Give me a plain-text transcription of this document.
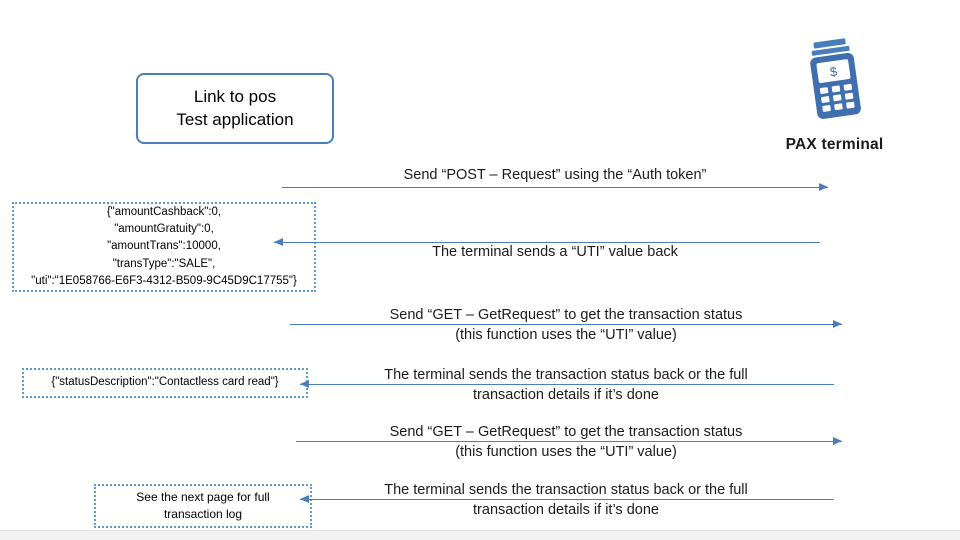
Link to pos
Test application
$
PAX terminal
Send “POST – Request” using the “Auth token”
{"amountCashback":0,
"amountGratuity":0,
"amountTrans":10000,
"transType":"SALE",
"uti":"1E058766-E6F3-4312-B509-9C45D9C17755"}
The terminal sends a “UTI” value back
Send “GET – GetRequest” to get the transaction status
(this function uses the “UTI” value)
{"statusDescription":"Contactless card read"}	The terminal sends the transaction status back or the full
transaction details if it’s done
Send “GET – GetRequest” to get the transaction status
(this function uses the “UTI” value)
See the next page for full
transaction log
The terminal sends the transaction status back or the full
transaction details if it’s done
